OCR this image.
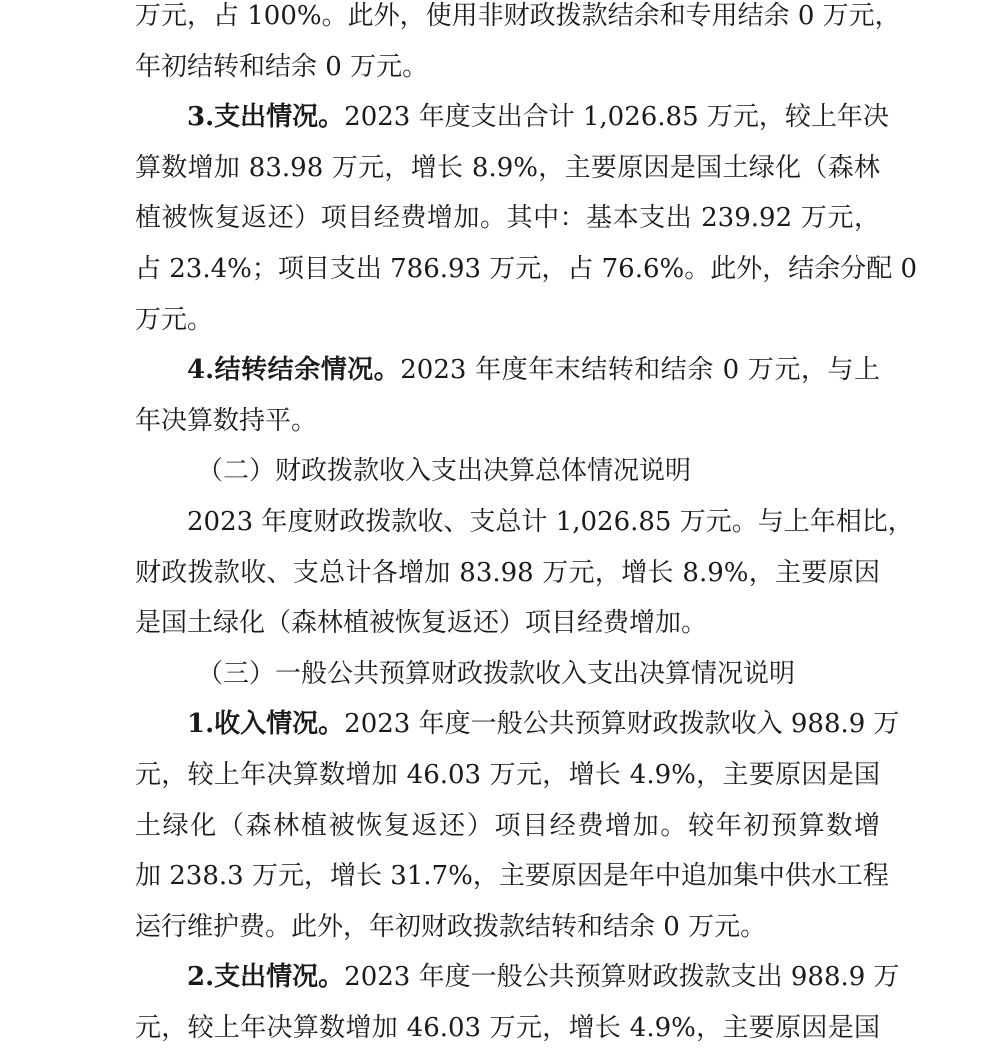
万元，占 100%。此外，使用非财政拨款结余和专用结余 0 万元，
年初结转和结余 0 万元。
3.支出情况。2023 年度支出合计 1,026.85 万元，较上年决
算数增加 83.98 万元，增长 8.9%，主要原因是国土绿化（森林
植被恢复返还）项目经费增加。其中：基本支出 239.92 万元，
占 23.4%；项目支出 786.93 万元，占 76.6%。此外，结余分配 0
万元。
4.结转结余情况。2023 年度年末结转和结余 0 万元，与上
年决算数持平。
（二）财政拨款收入支出决算总体情况说明
2023 年度财政拨款收、支总计 1,026.85 万元。与上年相比，
财政拨款收、支总计各增加 83.98 万元，增长 8.9%，主要原因
是国土绿化（森林植被恢复返还）项目经费增加。
（三）一般公共预算财政拨款收入支出决算情况说明
1.收入情况。2023 年度一般公共预算财政拨款收入 988.9 万
元，较上年决算数增加 46.03 万元，增长 4.9%，主要原因是国
土绿化（森林植被恢复返还）项目经费增加。较年初预算数增
加 238.3 万元，增长 31.7%，主要原因是年中追加集中供水工程
运行维护费。此外，年初财政拨款结转和结余 0 万元。
2.支出情况。2023 年度一般公共预算财政拨款支出 988.9 万
元，较上年决算数增加 46.03 万元，增长 4.9%，主要原因是国
